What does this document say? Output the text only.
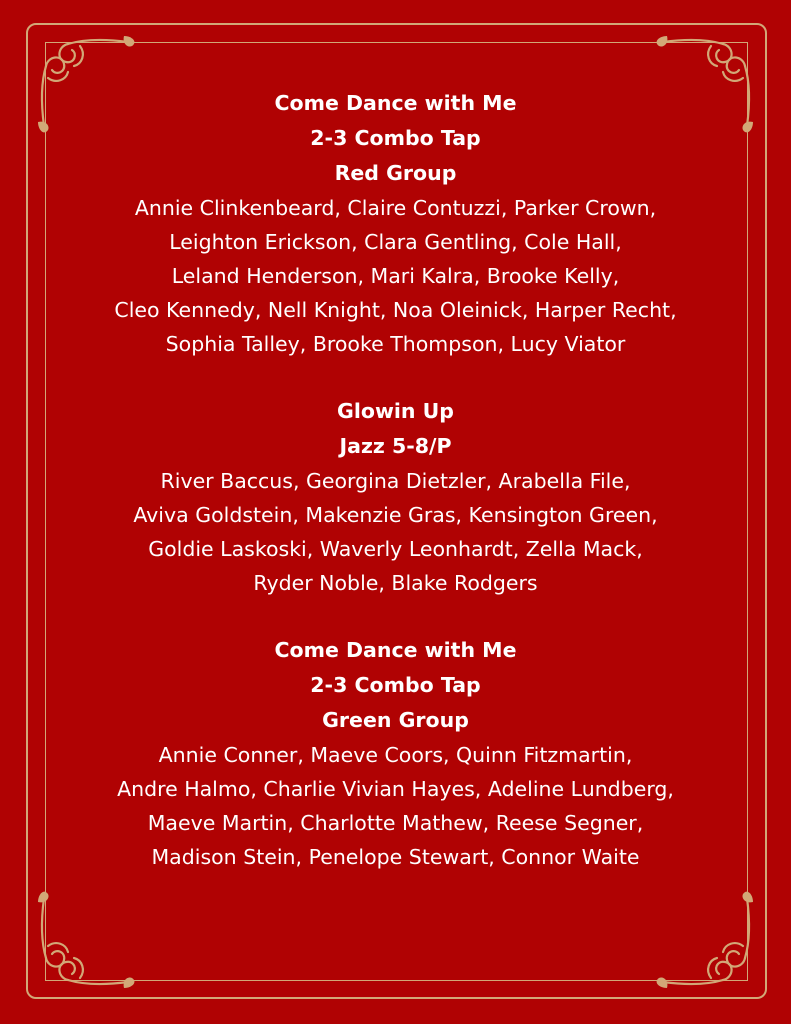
Come Dance with Me
2-3 Combo Tap
Red Group
Annie Clinkenbeard, Claire Contuzzi, Parker Crown,
Leighton Erickson, Clara Gentling, Cole Hall,
Leland Henderson, Mari Kalra, Brooke Kelly,
Cleo Kennedy, Nell Knight, Noa Oleinick, Harper Recht,
Sophia Talley, Brooke Thompson, Lucy Viator
Glowin Up
Jazz 5-8/P
River Baccus, Georgina Dietzler, Arabella File,
Aviva Goldstein, Makenzie Gras, Kensington Green,
Goldie Laskoski, Waverly Leonhardt, Zella Mack,
Ryder Noble, Blake Rodgers
Come Dance with Me
2-3 Combo Tap
Green Group
Annie Conner, Maeve Coors, Quinn Fitzmartin,
Andre Halmo, Charlie Vivian Hayes, Adeline Lundberg,
Maeve Martin, Charlotte Mathew, Reese Segner,
Madison Stein, Penelope Stewart, Connor Waite
